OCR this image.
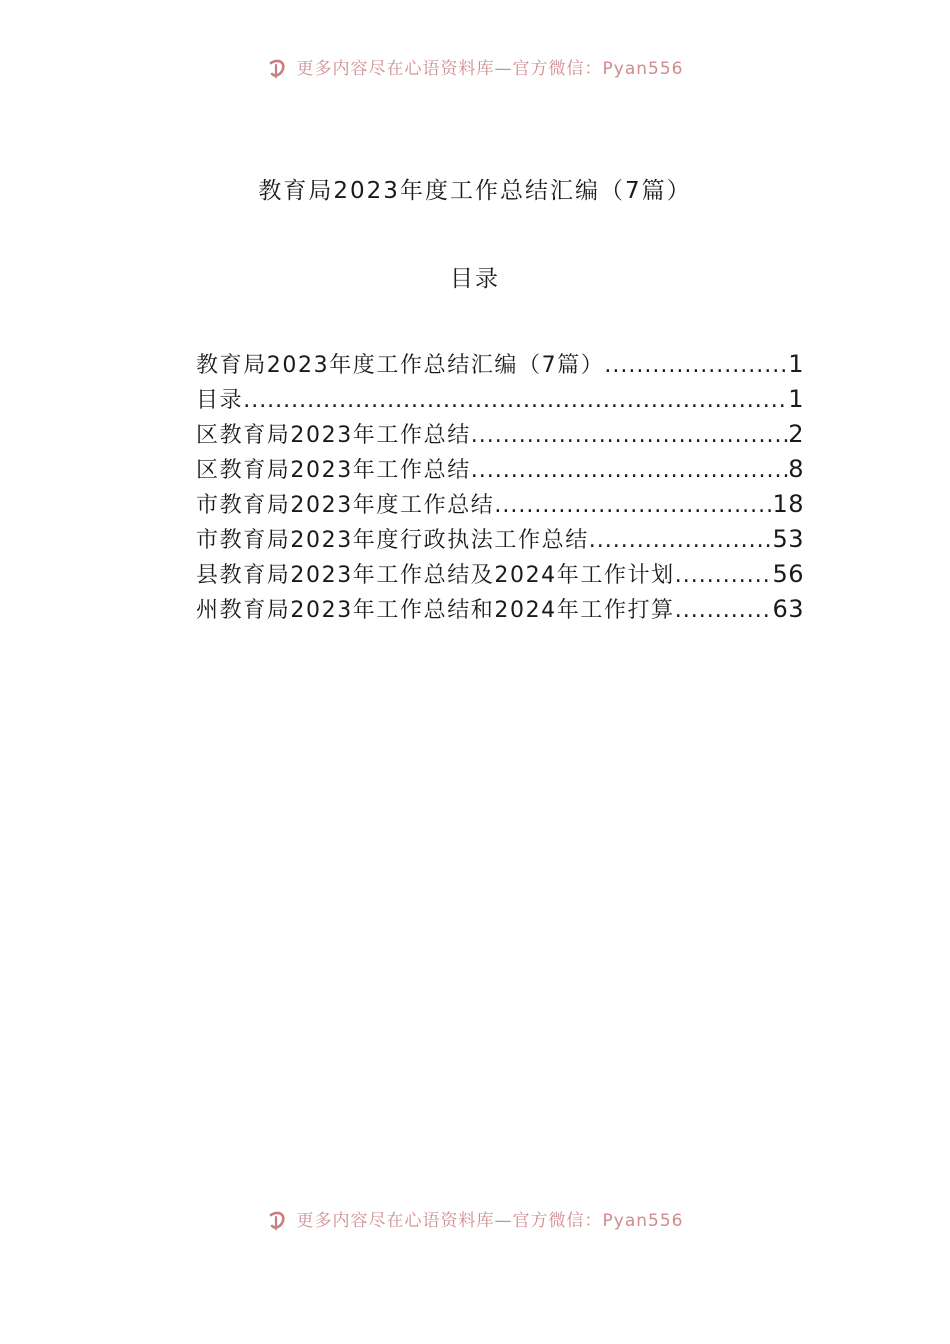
更多内容尽在心语资料库—官方微信：Pyan556
教育局2023年度工作总结汇编（7篇）
目录
教育局2023年度工作总结汇编（7篇） .....	1
目录 .....	1
区教育局2023年工作总结 .....	2
区教育局2023年工作总结 .....	8
市教育局2023年度工作总结 .....	18
市教育局2023年度行政执法工作总结 .....	53
县教育局2023年工作总结及2024年工作计划 .....	56
州教育局2023年工作总结和2024年工作打算 .....	63
更多内容尽在心语资料库—官方微信：Pyan556
